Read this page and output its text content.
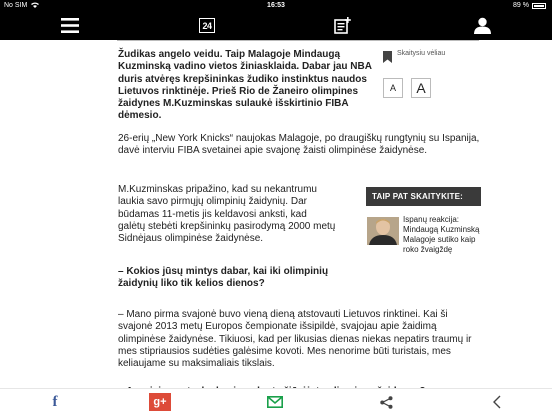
No SIM	16:53	89 %
24

Žudikas angelo veidu. Taip Malagoje Mindaugą Kuzminską vadino vietos žiniasklaida. Dabar jau NBA duris atvėręs krepšininkas žudiko instinktus naudos Lietuvos rinktinėje. Prieš Rio de Žaneiro olimpines žaidynes M.Kuzminskas sulaukė išskirtinio FIBA dėmesio.

Skaitysiu vėliau
A	A

26-erių „New York Knicks“ naujokas Malagoje, po draugiškų rungtynių su Ispanija, davė interviu FIBA svetainei apie svajonę žaisti olimpinėse žaidynėse.

M.Kuzminskas pripažino, kad su nekantrumu laukia savo pirmųjų olimpinių žaidynių. Dar būdamas 11-metis jis keldavosi anksti, kad galėtų stebėti krepšininkų pasirodymą 2000 metų Sidnėjaus olimpinėse žaidynėse.

TAIP PAT SKAITYKITE:
Ispanų reakcija: Mindaugą Kuzminską Malagoje sutiko kaip roko žvaigždę

– Kokios jūsų mintys dabar, kai iki olimpinių žaidynių liko tik kelios dienos?

– Mano pirma svajonė buvo vieną dieną atstovauti Lietuvos rinktinei. Kai ši svajonė 2013 metų Europos čempionate išsipildė, svajojau apie žaidimą olimpinėse žaidynėse. Tikiuosi, kad per likusias dienas niekas nepatirs traumų ir mes stipriausios sudėties galėsime kovoti. Mes nenorime būti turistais, mes keliaujame su maksimaliais tikslais.

f	g+
